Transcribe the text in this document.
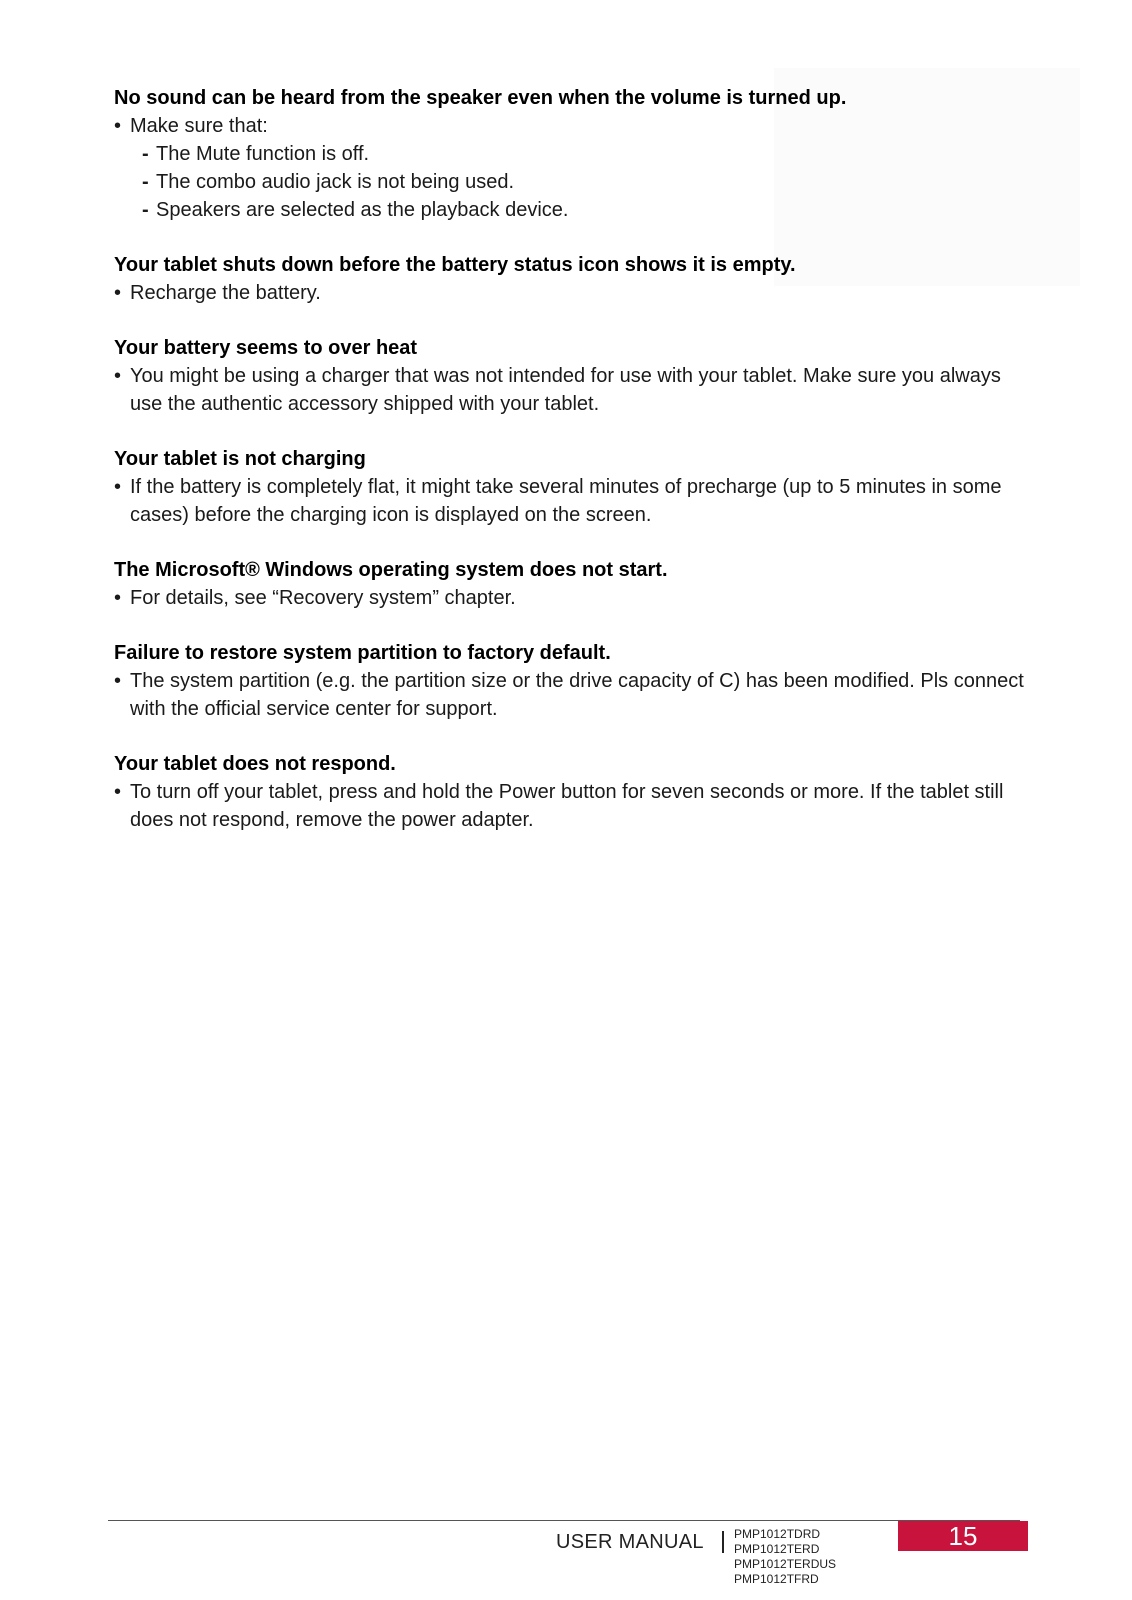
No sound can be heard from the speaker even when the volume is turned up.

• Make sure that:

- The Mute function is off.

- The combo audio jack is not being used.

- Speakers are selected as the playback device.

Your tablet shuts down before the battery status icon shows it is empty.

• Recharge the battery.

Your battery seems to over heat

• You might be using a charger that was not intended for use with your tablet. Make sure you always use the authentic accessory shipped with your tablet.

Your tablet is not charging

• If the battery is completely flat, it might take several minutes of precharge (up to 5 minutes in some cases) before the charging icon is displayed on the screen.

The Microsoft® Windows operating system does not start.

• For details, see “Recovery system” chapter.

Failure to restore system partition to factory default.

• The system partition (e.g. the partition size or the drive capacity of C) has been modified. Pls connect with the official service center for support.

Your tablet does not respond.

• To turn off your tablet, press and hold the Power button for seven seconds or more. If the tablet still does not respond, remove the power adapter.

USER MANUAL	PMP1012TDRD
PMP1012TERD
PMP1012TERDUS
PMP1012TFRD
15
